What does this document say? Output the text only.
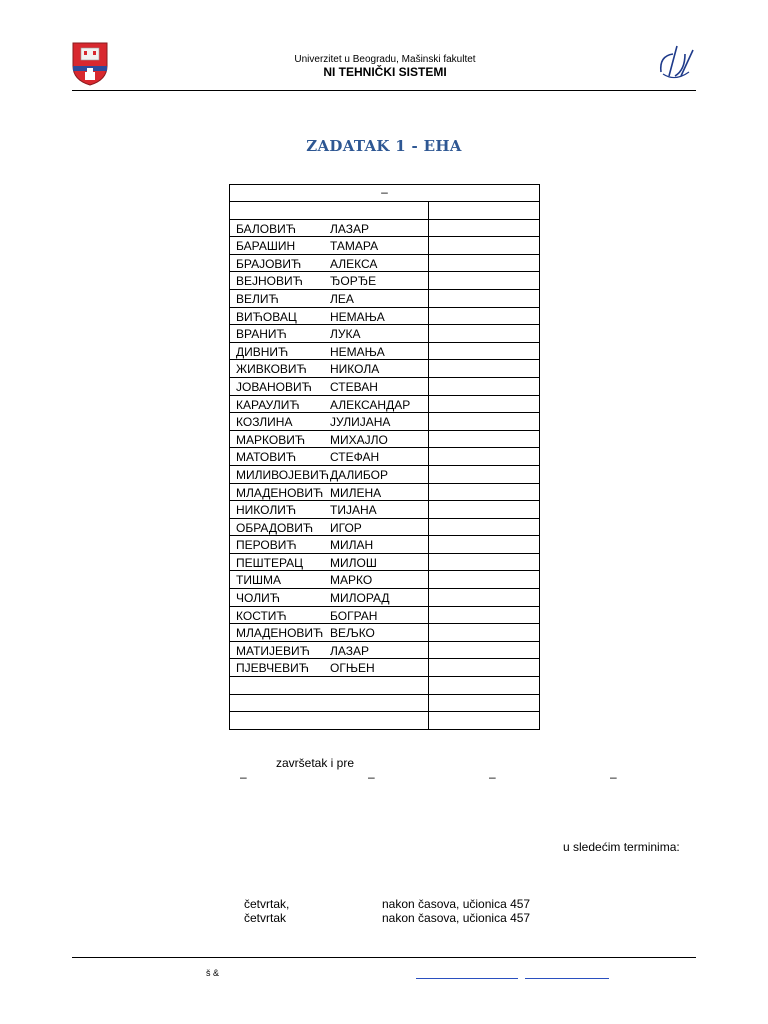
Univerzitet u Beogradu, Mašinski fakultet
NI TEHNIČKI SISTEMI
ZADATAK 1 - EHA
–
БАЛОВИЋ	ЛАЗАР
БАРАШИН	ТАМАРА
БРАЈОВИЋ АЛЕКСА
ВЕЈНОВИЋ ЂОРЂЕ
ВЕЛИЋ	ЛЕА
ВИЋОВАЦ	НЕМАЊА
ВРАНИЋ	ЛУКА
ДИВНИЋ	НЕМАЊА
ЖИВКОВИЋ НИКОЛА
ЈОВАНОВИЋ СТЕВАН
КАРАУЛИЋ	АЛЕКСАНДАР
КОЗЛИНА	ЈУЛИЈАНА
МАРКОВИЋ МИХАЈЛО
МАТОВИЋ	СТЕФАН
МИЛИВОЈЕВИЋ ДАЛИБОР
МЛАДЕНОВИЋ МИЛЕНА
НИКОЛИЋ	ТИЈАНА
ОБРАДОВИЋ ИГОР
ПЕРОВИЋ	МИЛАН
ПЕШТЕРАЦ МИЛОШ
ТИШМА	МАРКО
ЧОЛИЋ	МИЛОРАД
КОСТИЋ	БОГРАН
МЛАДЕНОВИЋ ВЕЉКО
МАТИЈЕВИЋ ЛАЗАР
ПЈЕВЧЕВИЋ ОГЊЕН
završetak i pre
–	–	–	–
u sledećim terminima:
četvrtak,	nakon časova, učionica 457
četvrtak	nakon časova, učionica 457
š &
